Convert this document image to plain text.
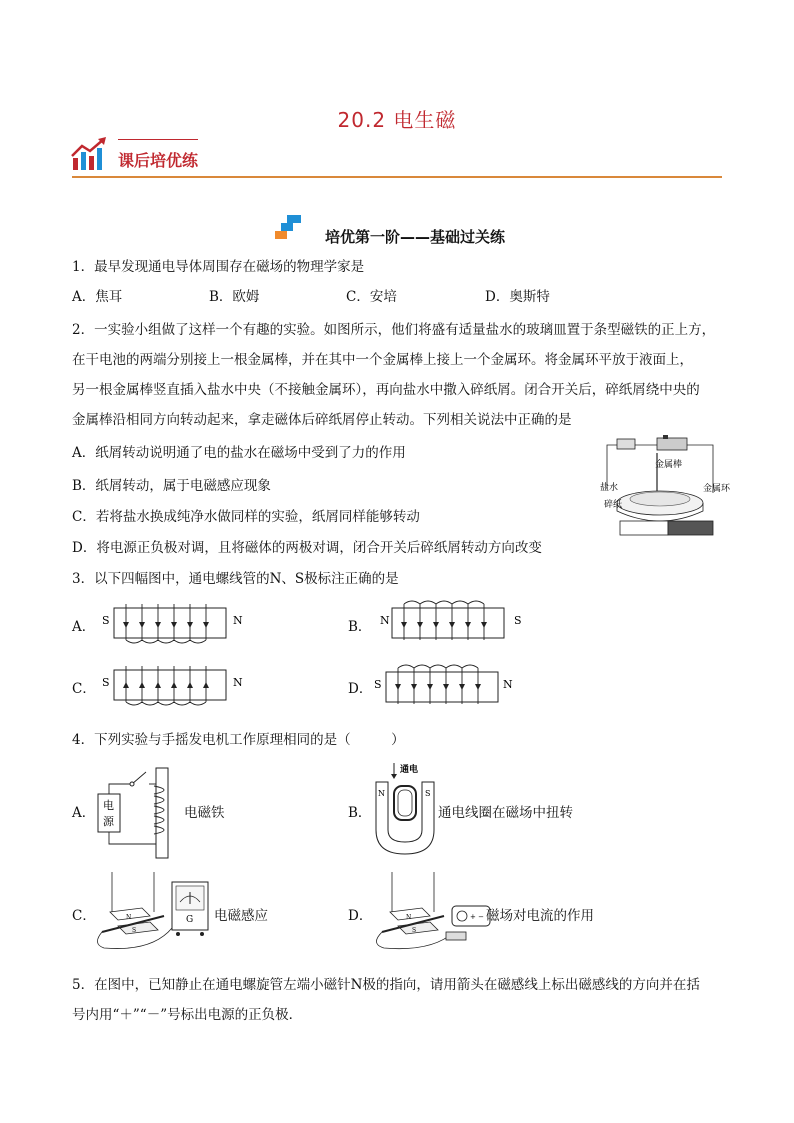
20.2 电生磁
课后培优练
培优第一阶——基础过关练
1．最早发现通电导体周围存在磁场的物理学家是
A．焦耳	B．欧姆	C．安培	D．奥斯特
2．一实验小组做了这样一个有趣的实验。如图所示，他们将盛有适量盐水的玻璃皿置于条型磁铁的正上方，
在干电池的两端分别接上一根金属棒，并在其中一个金属棒上接上一个金属环。将金属环平放于液面上，
另一根金属棒竖直插入盐水中央（不接触金属环），再向盐水中撒入碎纸屑。闭合开关后，碎纸屑绕中央的
金属棒沿相同方向转动起来，拿走磁体后碎纸屑停止转动。下列相关说法中正确的是
A．纸屑转动说明通了电的盐水在磁场中受到了力的作用
B．纸屑转动，属于电磁感应现象
C．若将盐水换成纯净水做同样的实验，纸屑同样能够转动
D．将电源正负极对调，且将磁体的两极对调，闭合开关后碎纸屑转动方向改变
金属棒
金属环
盐水
碎纸
3．以下四幅图中，通电螺线管的N、S极标注正确的是
A． S	N	B． N	S
C． S	N	D． S	N
4．下列实验与手摇发电机工作原理相同的是（　　　）
A． 电
源
电磁铁	B．
通电
N	S
通电线圈在磁场中扭转
C．	N
S
G 电磁感应	D．	N
S
+ − 磁场对电流的作用
5．在图中，已知静止在通电螺旋管左端小磁针N极的指向，请用箭头在磁感线上标出磁感线的方向并在括
号内用“＋”“－”号标出电源的正负极．
